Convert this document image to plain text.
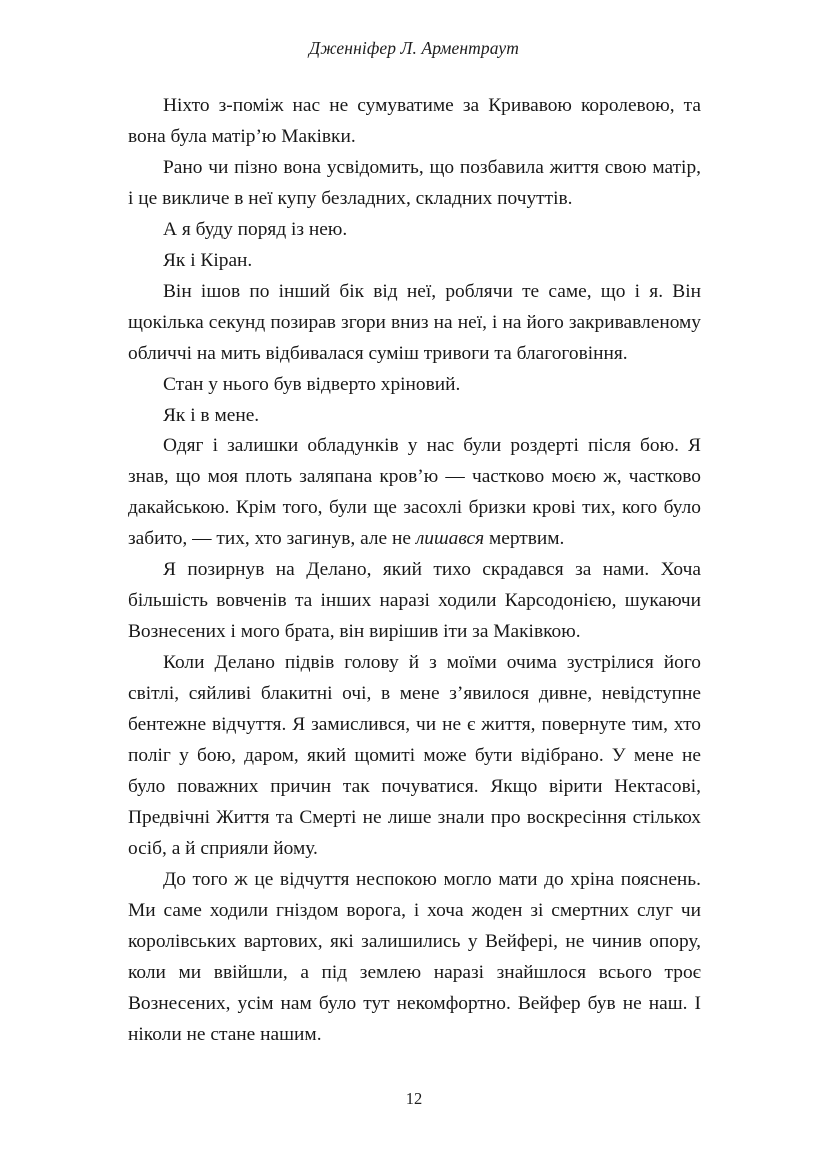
Дженніфер Л. Арментраут

Ніхто з-поміж нас не сумуватиме за Кривавою королевою, та вона була матір’ю Маківки.

Рано чи пізно вона усвідомить, що позбавила життя свою матір, і це викличе в неї купу безладних, складних почуттів.

А я буду поряд із нею.

Як і Кіран.

Він ішов по інший бік від неї, роблячи те саме, що і я. Він щокілька секунд позирав згори вниз на неї, і на його закривавленому обличчі на мить відбивалася суміш тривоги та благоговіння.

Стан у нього був відверто хріновий.

Як і в мене.

Одяг і залишки обладунків у нас були роздерті після бою. Я знав, що моя плоть заляпана кров’ю — частково моєю ж, частково дакайською. Крім того, були ще засохлі бризки крові тих, кого було забито, — тих, хто загинув, але не лишався мертвим.

Я позирнув на Делано, який тихо скрадався за нами. Хоча більшість вовченів та інших наразі ходили Карсодонією, шукаючи Вознесених і мого брата, він вирішив іти за Маківкою.

Коли Делано підвів голову й з моїми очима зустрілися його світлі, сяйливі блакитні очі, в мене з’явилося дивне, невідступне бентежне відчуття. Я замислився, чи не є життя, повернуте тим, хто поліг у бою, даром, який щомиті може бути відібрано. У мене не було поважних причин так почуватися. Якщо вірити Нектасові, Предвічні Життя та Смерті не лише знали про воскресіння стількох осіб, а й сприяли йому.

До того ж це відчуття неспокою могло мати до хріна пояснень. Ми саме ходили гніздом ворога, і хоча жоден зі смертних слуг чи королівських вартових, які залишились у Вейфері, не чинив опору, коли ми ввійшли, а під землею наразі знайшлося всього троє Вознесених, усім нам було тут некомфортно. Вейфер був не наш. І ніколи не стане нашим.

12
